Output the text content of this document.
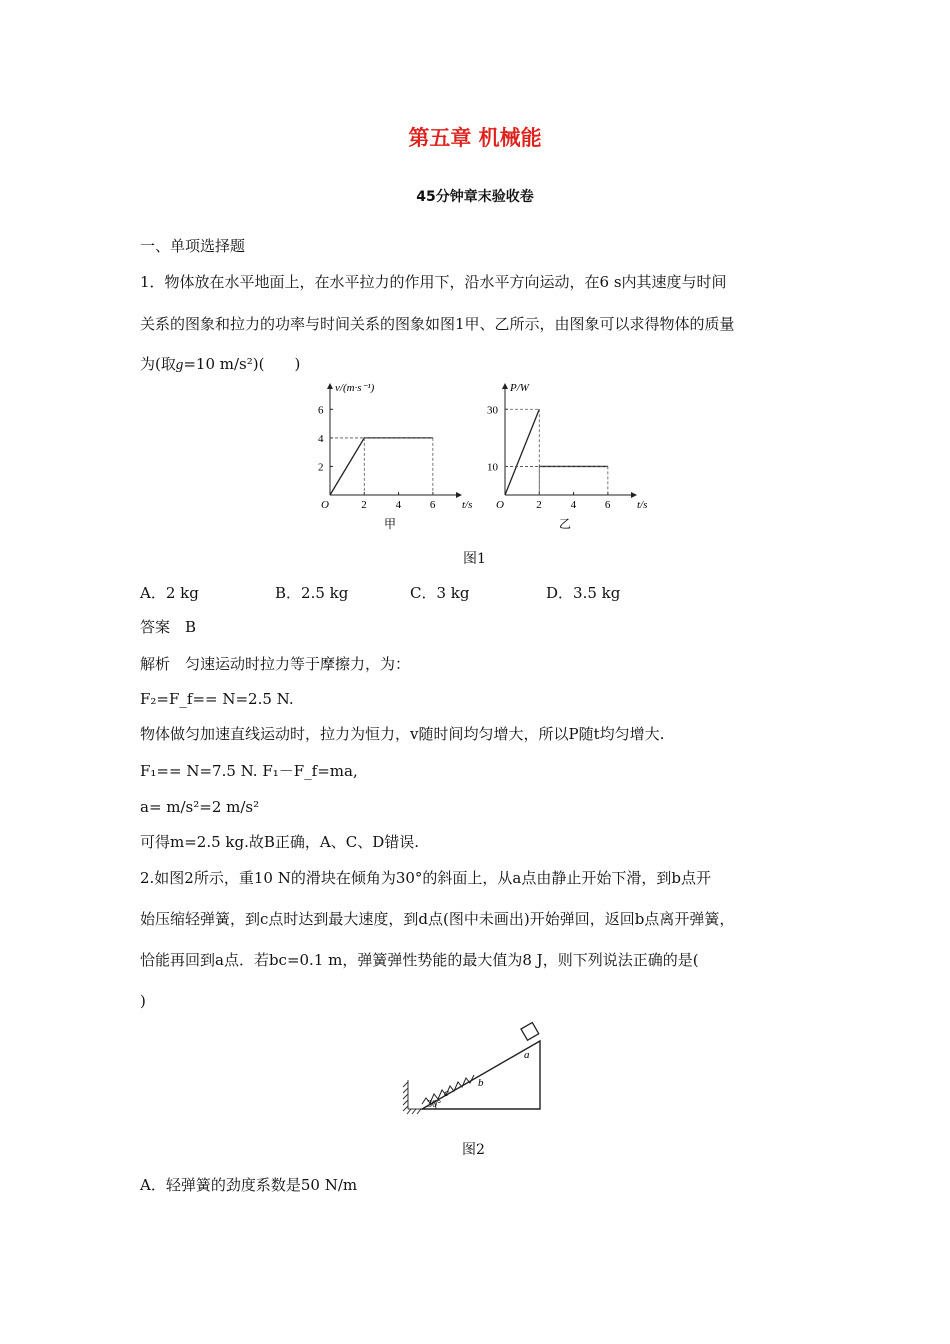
第五章 机械能
45分钟章末验收卷
一、单项选择题
1．物体放在水平地面上，在水平拉力的作用下，沿水平方向运动，在6 s内其速度与时间
关系的图象和拉力的功率与时间关系的图象如图1甲、乙所示，由图象可以求得物体的质量
为(取g=10 m/s²)(　　)
t/s
v/(m·s⁻¹)
O
甲
2	4	6
2
4
6
t/s
P/W
O
乙
2	4	6
10
30
图1
A．2 kg	B．2.5 kg	C．3 kg	D．3.5 kg
答案　B
解析　匀速运动时拉力等于摩擦力，为：
F₂=F_f== N=2.5 N.
物体做匀加速直线运动时，拉力为恒力，v随时间均匀增大，所以P随t均匀增大.
F₁== N=7.5 N. F₁－F_f=ma,
a= m/s²=2 m/s²
可得m=2.5 kg.故B正确，A、C、D错误.
2.如图2所示，重10 N的滑块在倾角为30°的斜面上，从a点由静止开始下滑，到b点开
始压缩轻弹簧，到c点时达到最大速度，到d点(图中未画出)开始弹回，返回b点离开弹簧，
恰能再回到a点．若bc=0.1 m，弹簧弹性势能的最大值为8 J，则下列说法正确的是(
)
a
b
c
30°
图2
A．轻弹簧的劲度系数是50 N/m
